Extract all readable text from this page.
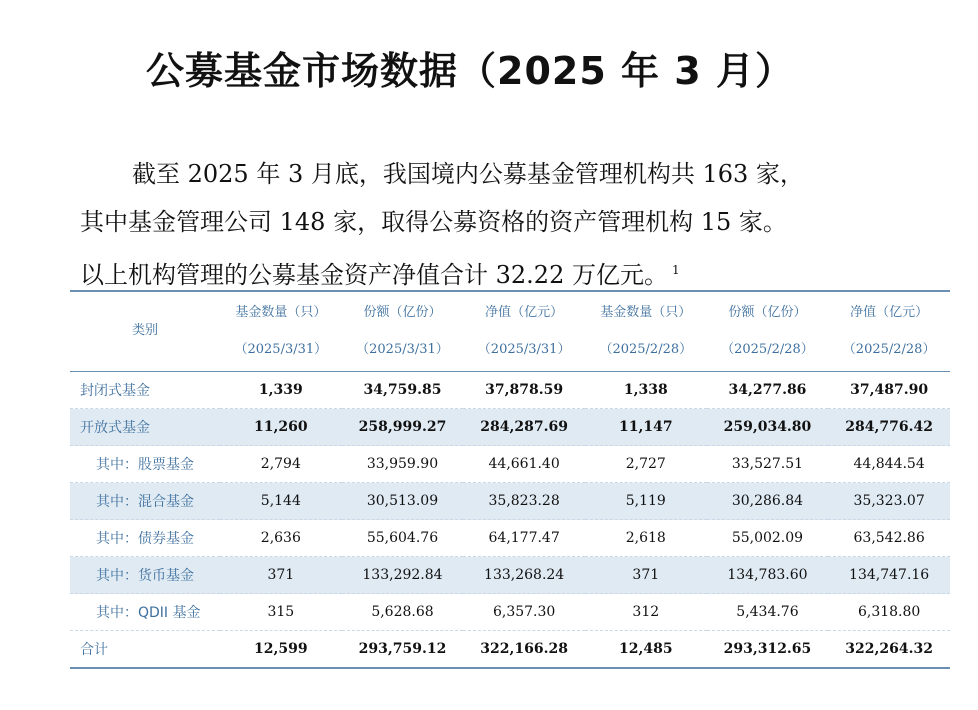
公募基金市场数据（2025 年 3 月）
截至 2025 年 3 月底，我国境内公募基金管理机构共 163 家，
其中基金管理公司 148 家，取得公募资格的资产管理机构 15 家。
以上机构管理的公募基金资产净值合计 32.22 万亿元。 $^1$
类别	基金数量（只）	份额（亿份）	净值（亿元）	基金数量（只）	份额（亿份）	净值（亿元）
	（2025/3/31）	（2025/3/31）	（2025/3/31）	（2025/2/28）	（2025/2/28）	（2025/2/28）

封闭式基金	1,339	34,759.85	37,878.59	1,338	34,277.86	37,487.90
开放式基金	11,260	258,999.27	284,287.69	11,147	259,034.80	284,776.42
其中：股票基金	2,794	33,959.90	44,661.40	2,727	33,527.51	44,844.54
其中：混合基金	5,144	30,513.09	35,823.28	5,119	30,286.84	35,323.07
其中：债券基金	2,636	55,604.76	64,177.47	2,618	55,002.09	63,542.86
其中：货币基金	371	133,292.84	133,268.24	371	134,783.60	134,747.16
其中：QDII 基金	315	5,628.68	6,357.30	312	5,434.76	6,318.80
合计	12,599	293,759.12	322,166.28	12,485	293,312.65	322,264.32
